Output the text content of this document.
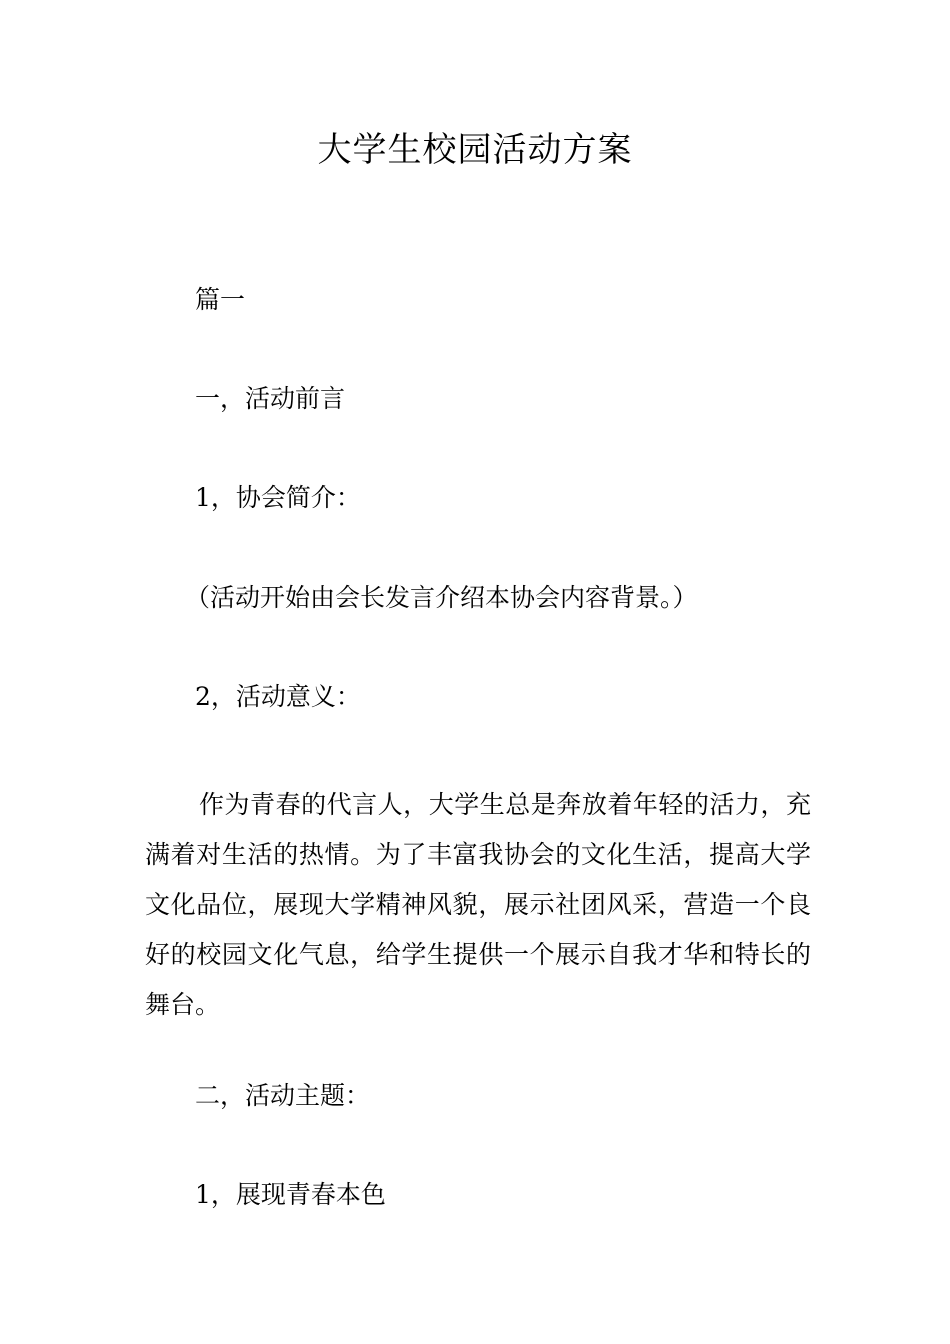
大学生校园活动方案
篇一
一，活动前言
1，协会简介：
（活动开始由会长发言介绍本协会内容背景。）
2，活动意义：
作为青春的代言人，大学生总是奔放着年轻的活力，充满着对生活的热情。为了丰富我协会的文化生活，提高大学文化品位，展现大学精神风貌，展示社团风采，营造一个良好的校园文化气息，给学生提供一个展示自我才华和特长的舞台。
二，活动主题：
1，展现青春本色
